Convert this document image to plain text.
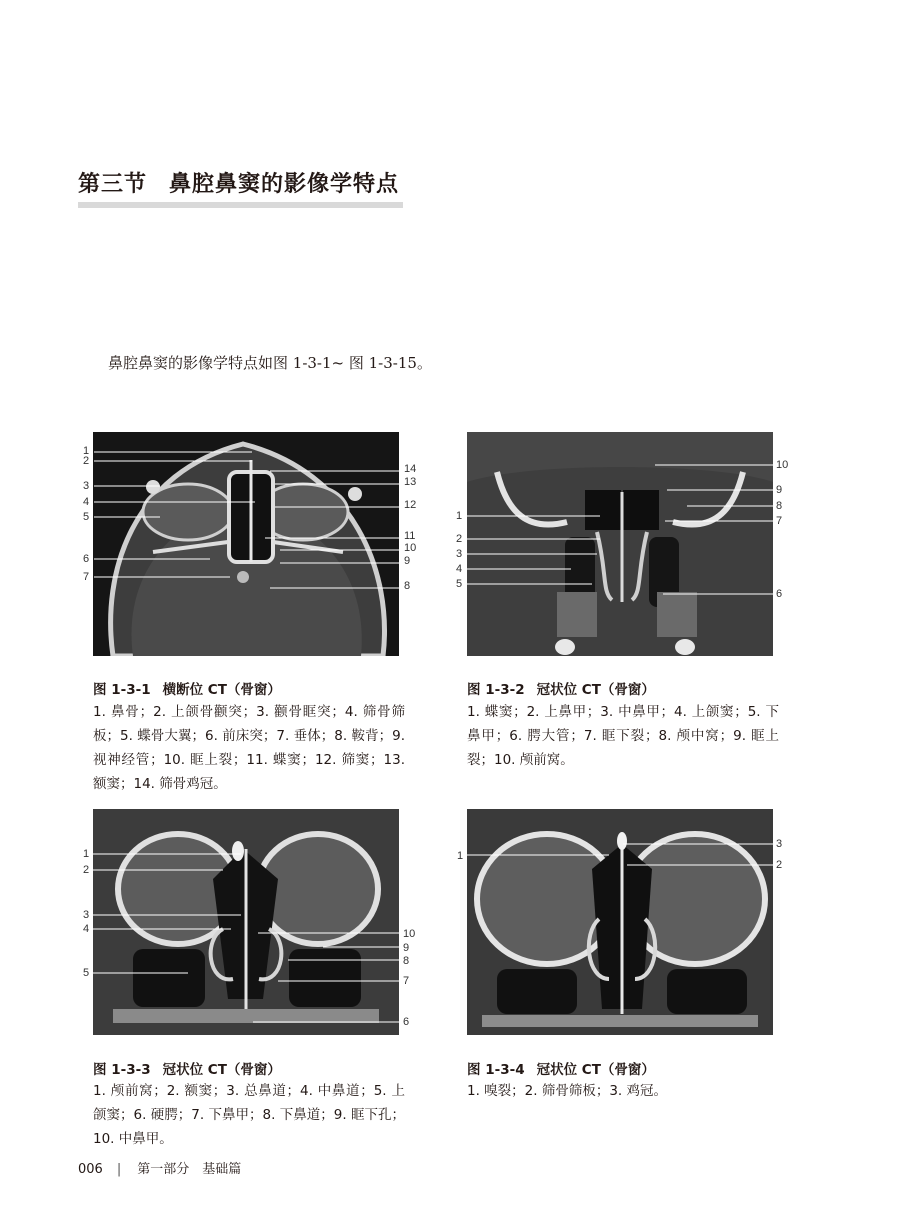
第三节 鼻腔鼻窦的影像学特点
鼻腔鼻窦的影像学特点如图 1-3-1~ 图 1-3-15。
1
2
3
4
5
6
7
14
13
12
11
10
9
8
图 1-3-1 横断位 CT（骨窗）
1. 鼻骨；2. 上颌骨颧突；3. 颧骨眶突；4. 筛骨筛板；5. 蝶骨大翼；6. 前床突；7. 垂体；8. 鞍背；9. 视神经管；10. 眶上裂；11. 蝶窦；12. 筛窦；13. 额窦；14. 筛骨鸡冠。
1
2
3
4
5
10
9
8
7
6
图 1-3-2 冠状位 CT（骨窗）
1. 蝶窦；2. 上鼻甲；3. 中鼻甲；4. 上颌窦；5. 下鼻甲；6. 腭大管；7. 眶下裂；8. 颅中窝；9. 眶上裂；10. 颅前窝。
1
2
3
4
5
10
9
8
7
6
图 1-3-3 冠状位 CT（骨窗）
1. 颅前窝；2. 额窦；3. 总鼻道；4. 中鼻道；5. 上颌窦；6. 硬腭；7. 下鼻甲；8. 下鼻道；9. 眶下孔；10. 中鼻甲。
1
3
2
图 1-3-4 冠状位 CT（骨窗）
1. 嗅裂；2. 筛骨筛板；3. 鸡冠。
006 | 第一部分　基础篇
